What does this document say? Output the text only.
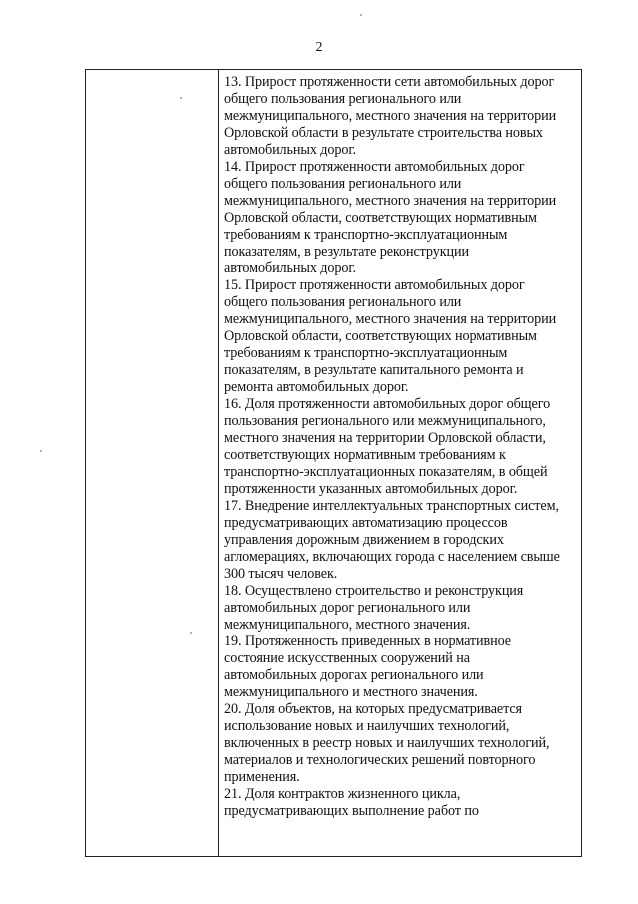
2
13. Прирост протяженности сети автомобильных дорог
общего пользования регионального или
межмуниципального, местного значения на территории
Орловской области в результате строительства новых
автомобильных дорог.
14. Прирост протяженности автомобильных дорог
общего пользования регионального или
межмуниципального, местного значения на территории
Орловской области, соответствующих нормативным
требованиям к транспортно-эксплуатационным
показателям, в результате реконструкции
автомобильных дорог.
15. Прирост протяженности автомобильных дорог
общего пользования регионального или
межмуниципального, местного значения на территории
Орловской области, соответствующих нормативным
требованиям к транспортно-эксплуатационным
показателям, в результате капитального ремонта и
ремонта автомобильных дорог.
16. Доля протяженности автомобильных дорог общего
пользования регионального или межмуниципального,
местного значения на территории Орловской области,
соответствующих нормативным требованиям к
транспортно-эксплуатационных показателям, в общей
протяженности указанных автомобильных дорог.
17. Внедрение интеллектуальных транспортных систем,
предусматривающих автоматизацию процессов
управления дорожным движением в городских
агломерациях, включающих города с населением свыше
300 тысяч человек.
18. Осуществлено строительство и реконструкция
автомобильных дорог регионального или
межмуниципального, местного значения.
19. Протяженность приведенных в нормативное
состояние искусственных сооружений на
автомобильных дорогах регионального или
межмуниципального и местного значения.
20. Доля объектов, на которых предусматривается
использование новых и наилучших технологий,
включенных в реестр новых и наилучших технологий,
материалов и технологических решений повторного
применения.
21. Доля контрактов жизненного цикла,
предусматривающих выполнение работ по
